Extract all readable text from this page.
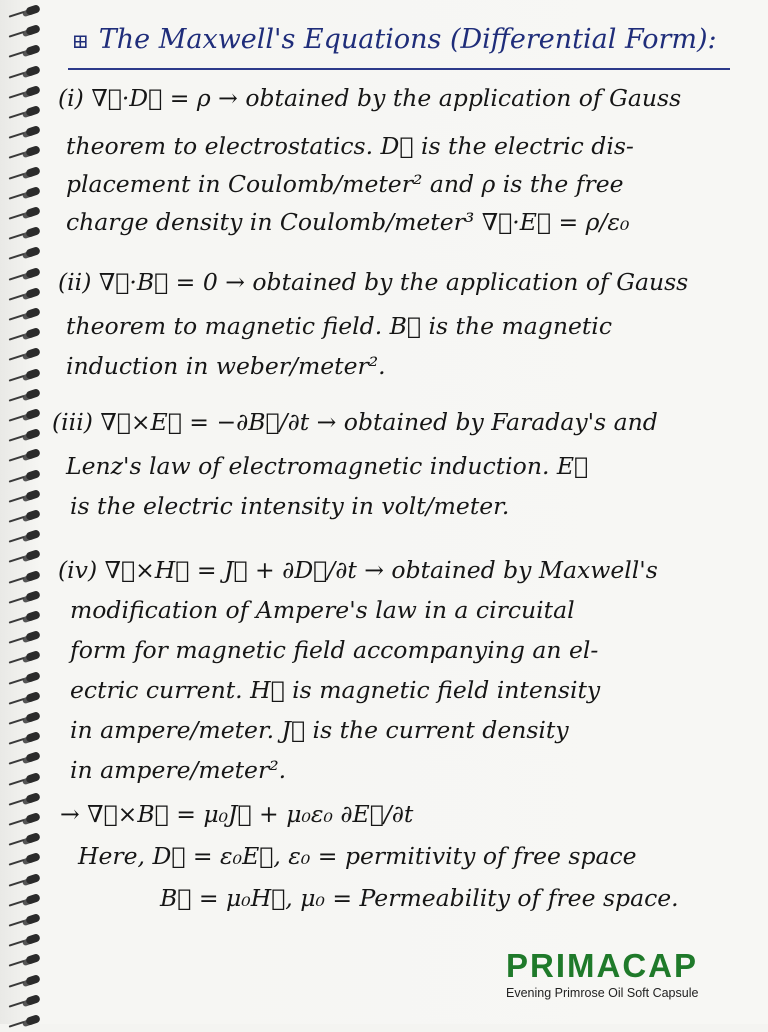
⊞ The Maxwell's Equations (Differential Form):
(i) ∇⃗·D⃗ = ρ → obtained by the application of Gauss
theorem to electrostatics. D⃗ is the electric dis-
placement in Coulomb/meter² and ρ is the free
charge density in Coulomb/meter³ ∇⃗·E⃗ = ρ/ε₀
(ii) ∇⃗·B⃗ = 0 → obtained by the application of Gauss
theorem to magnetic field. B⃗ is the magnetic
induction in weber/meter².
(iii) ∇⃗×E⃗ = −∂B⃗/∂t → obtained by Faraday's and
Lenz's law of electromagnetic induction. E⃗
is the electric intensity in volt/meter.
(iv) ∇⃗×H⃗ = J⃗ + ∂D⃗/∂t → obtained by Maxwell's
modification of Ampere's law in a circuital
form for magnetic field accompanying an el-
ectric current. H⃗ is magnetic field intensity
in ampere/meter. J⃗ is the current density
in ampere/meter².
→ ∇⃗×B⃗ = μ₀J⃗ + μ₀ε₀ ∂E⃗/∂t
Here, D⃗ = ε₀E⃗, ε₀ = permitivity of free space
B⃗ = μ₀H⃗, μ₀ = Permeability of free space.
PRIMACAP
Evening Primrose Oil Soft Capsule
